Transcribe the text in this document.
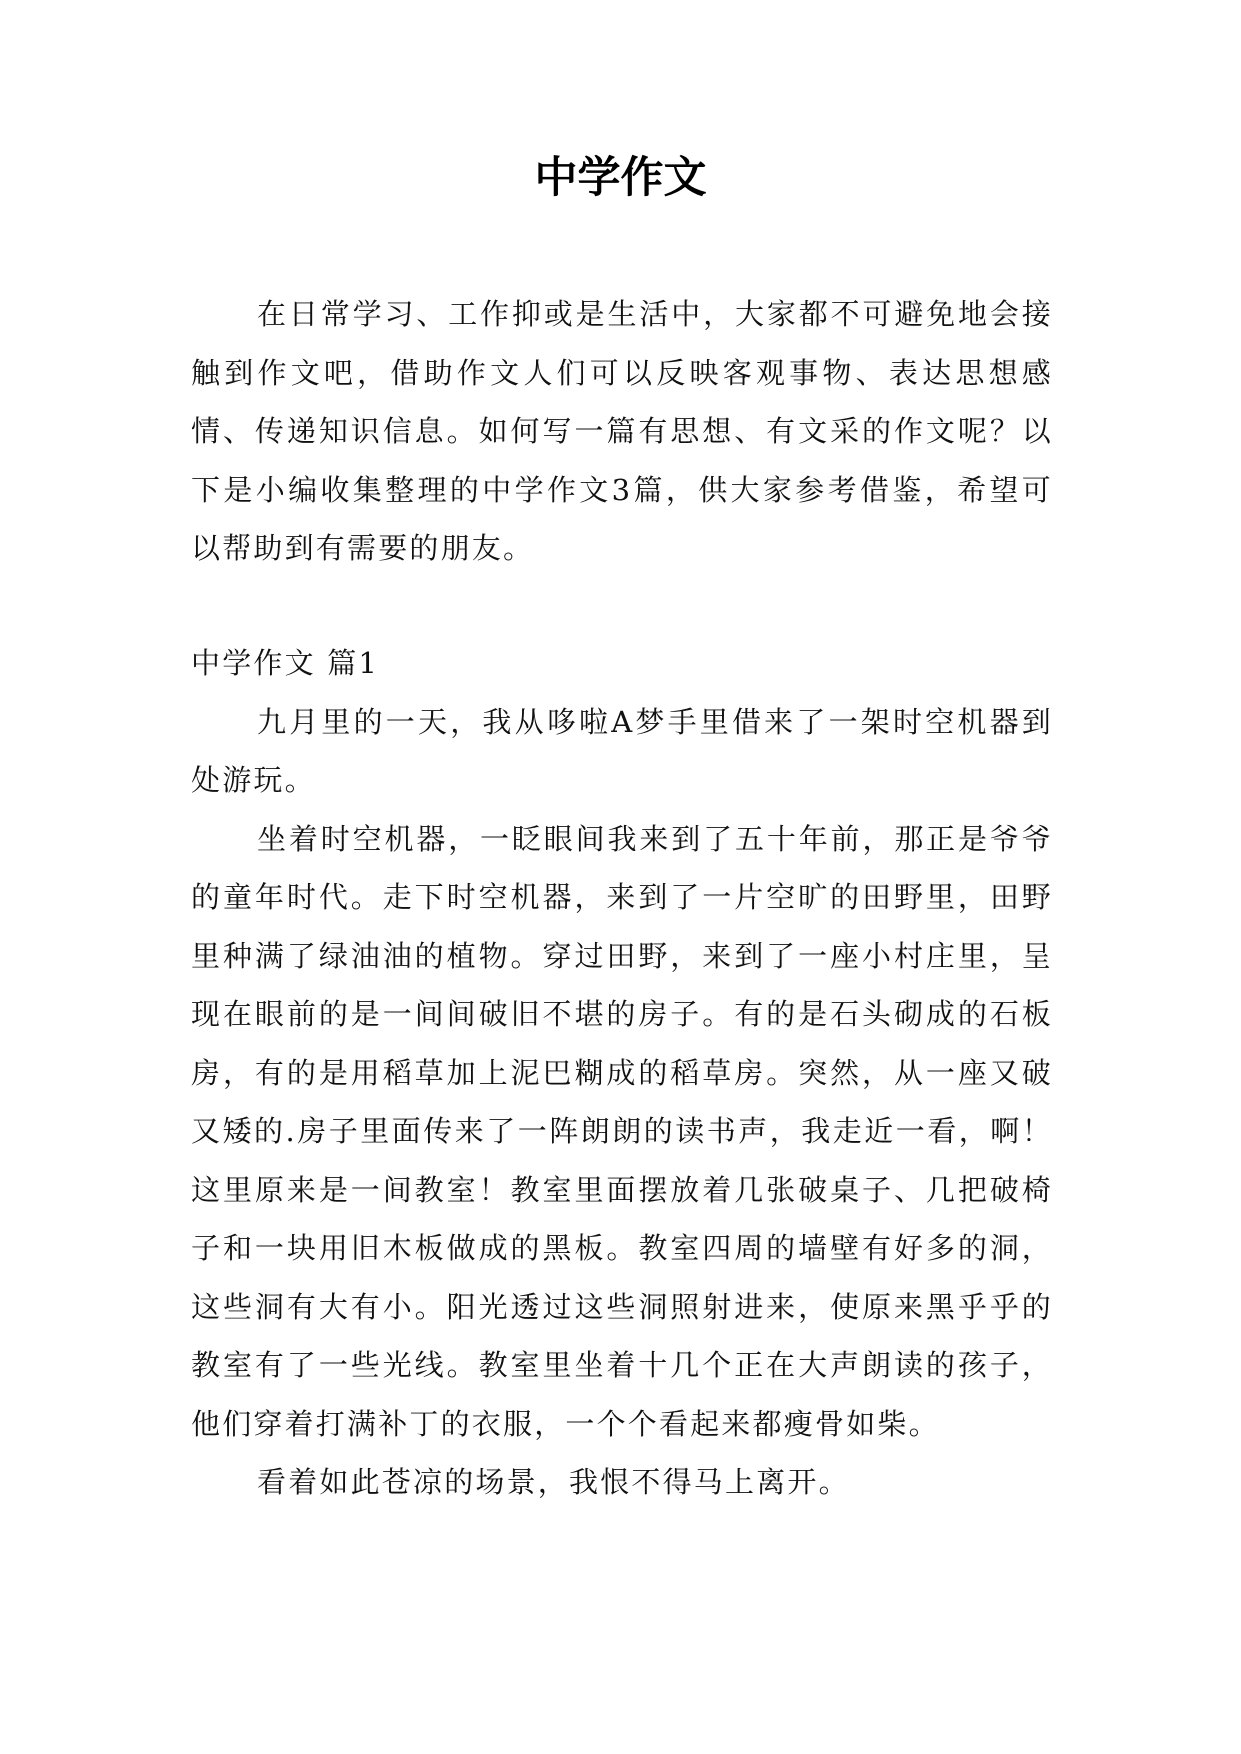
中学作文

在日常学习、工作抑或是生活中，大家都不可避免地会接触到作文吧，借助作文人们可以反映客观事物、表达思想感情、传递知识信息。如何写一篇有思想、有文采的作文呢？以下是小编收集整理的中学作文3篇，供大家参考借鉴，希望可以帮助到有需要的朋友。

中学作文 篇1

九月里的一天，我从哆啦A梦手里借来了一架时空机器到处游玩。

坐着时空机器，一眨眼间我来到了五十年前，那正是爷爷的童年时代。走下时空机器，来到了一片空旷的田野里，田野里种满了绿油油的植物。穿过田野，来到了一座小村庄里，呈现在眼前的是一间间破旧不堪的房子。有的是石头砌成的石板房，有的是用稻草加上泥巴糊成的稻草房。突然，从一座又破又矮的.房子里面传来了一阵朗朗的读书声，我走近一看，啊！这里原来是一间教室！教室里面摆放着几张破桌子、几把破椅子和一块用旧木板做成的黑板。教室四周的墙壁有好多的洞，这些洞有大有小。阳光透过这些洞照射进来，使原来黑乎乎的教室有了一些光线。教室里坐着十几个正在大声朗读的孩子，他们穿着打满补丁的衣服，一个个看起来都瘦骨如柴。

看着如此苍凉的场景，我恨不得马上离开。
